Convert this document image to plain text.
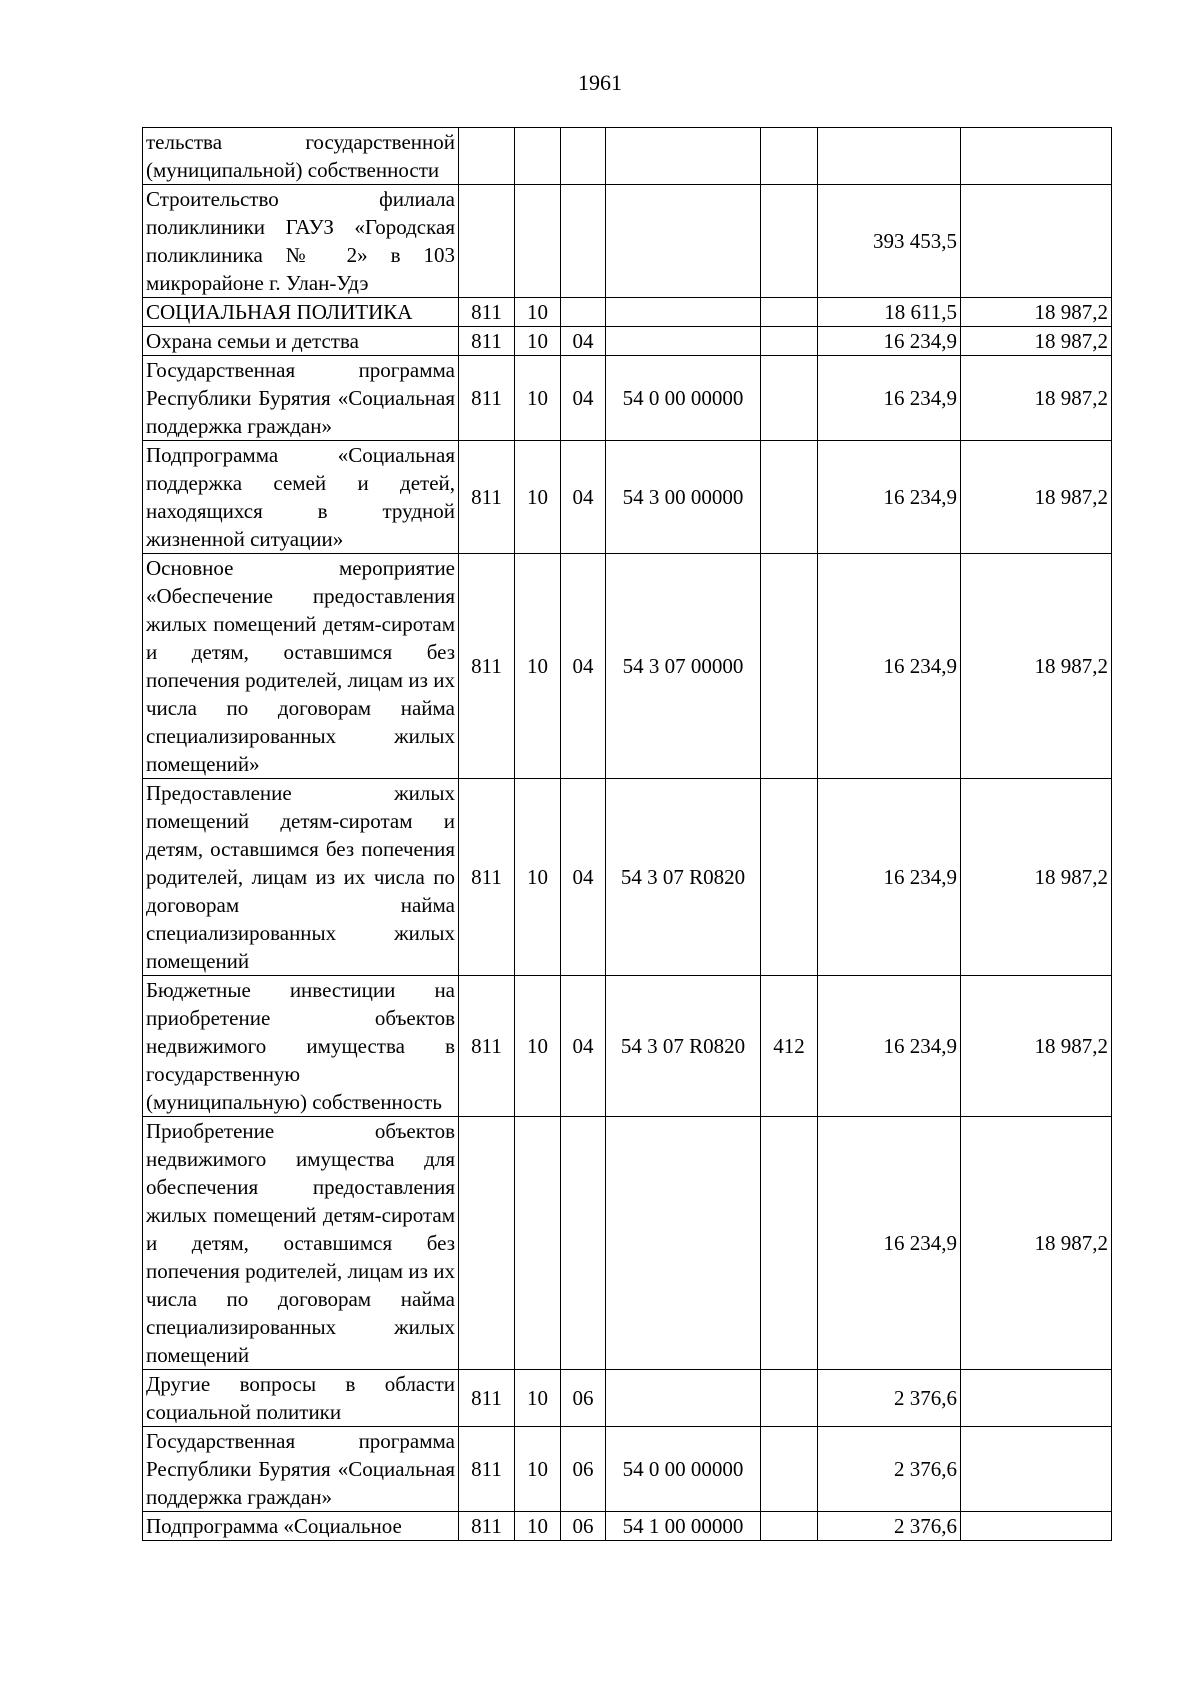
1961
тельства государственной (муниципальной) собственности							
Строительство филиала поликлиники ГАУЗ «Городская поликлиника № 2» в 103 микрорайоне г. Улан-Удэ						393 453,5	
СОЦИАЛЬНАЯ ПОЛИТИКА	811	10				18 611,5	18 987,2
Охрана семьи и детства	811	10	04			16 234,9	18 987,2
Государственная программа Республики Бурятия «Социальная поддержка граждан»	811	10	04	54 0 00 00000		16 234,9	18 987,2
Подпрограмма «Социальная поддержка семей и детей, находящихся в трудной жизненной ситуации»	811	10	04	54 3 00 00000		16 234,9	18 987,2
Основное мероприятие «Обеспечение предоставления жилых помещений детям-сиротам и детям, оставшимся без попечения родителей, лицам из их числа по договорам найма специализированных жилых помещений»	811	10	04	54 3 07 00000		16 234,9	18 987,2
Предоставление жилых помещений детям-сиротам и детям, оставшимся без попечения родителей, лицам из их числа по договорам найма специализированных жилых помещений	811	10	04	54 3 07 R0820		16 234,9	18 987,2
Бюджетные инвестиции на приобретение объектов недвижимого имущества в государственную (муниципальную) собственность	811	10	04	54 3 07 R0820	412	16 234,9	18 987,2
Приобретение объектов недвижимого имущества для обеспечения предоставления жилых помещений детям-сиротам и детям, оставшимся без попечения родителей, лицам из их числа по договорам найма специализированных жилых помещений						16 234,9	18 987,2
Другие вопросы в области социальной политики	811	10	06			2 376,6	
Государственная программа Республики Бурятия «Социальная поддержка граждан»	811	10	06	54 0 00 00000		2 376,6	
Подпрограмма «Социальное	811	10	06	54 1 00 00000		2 376,6	
